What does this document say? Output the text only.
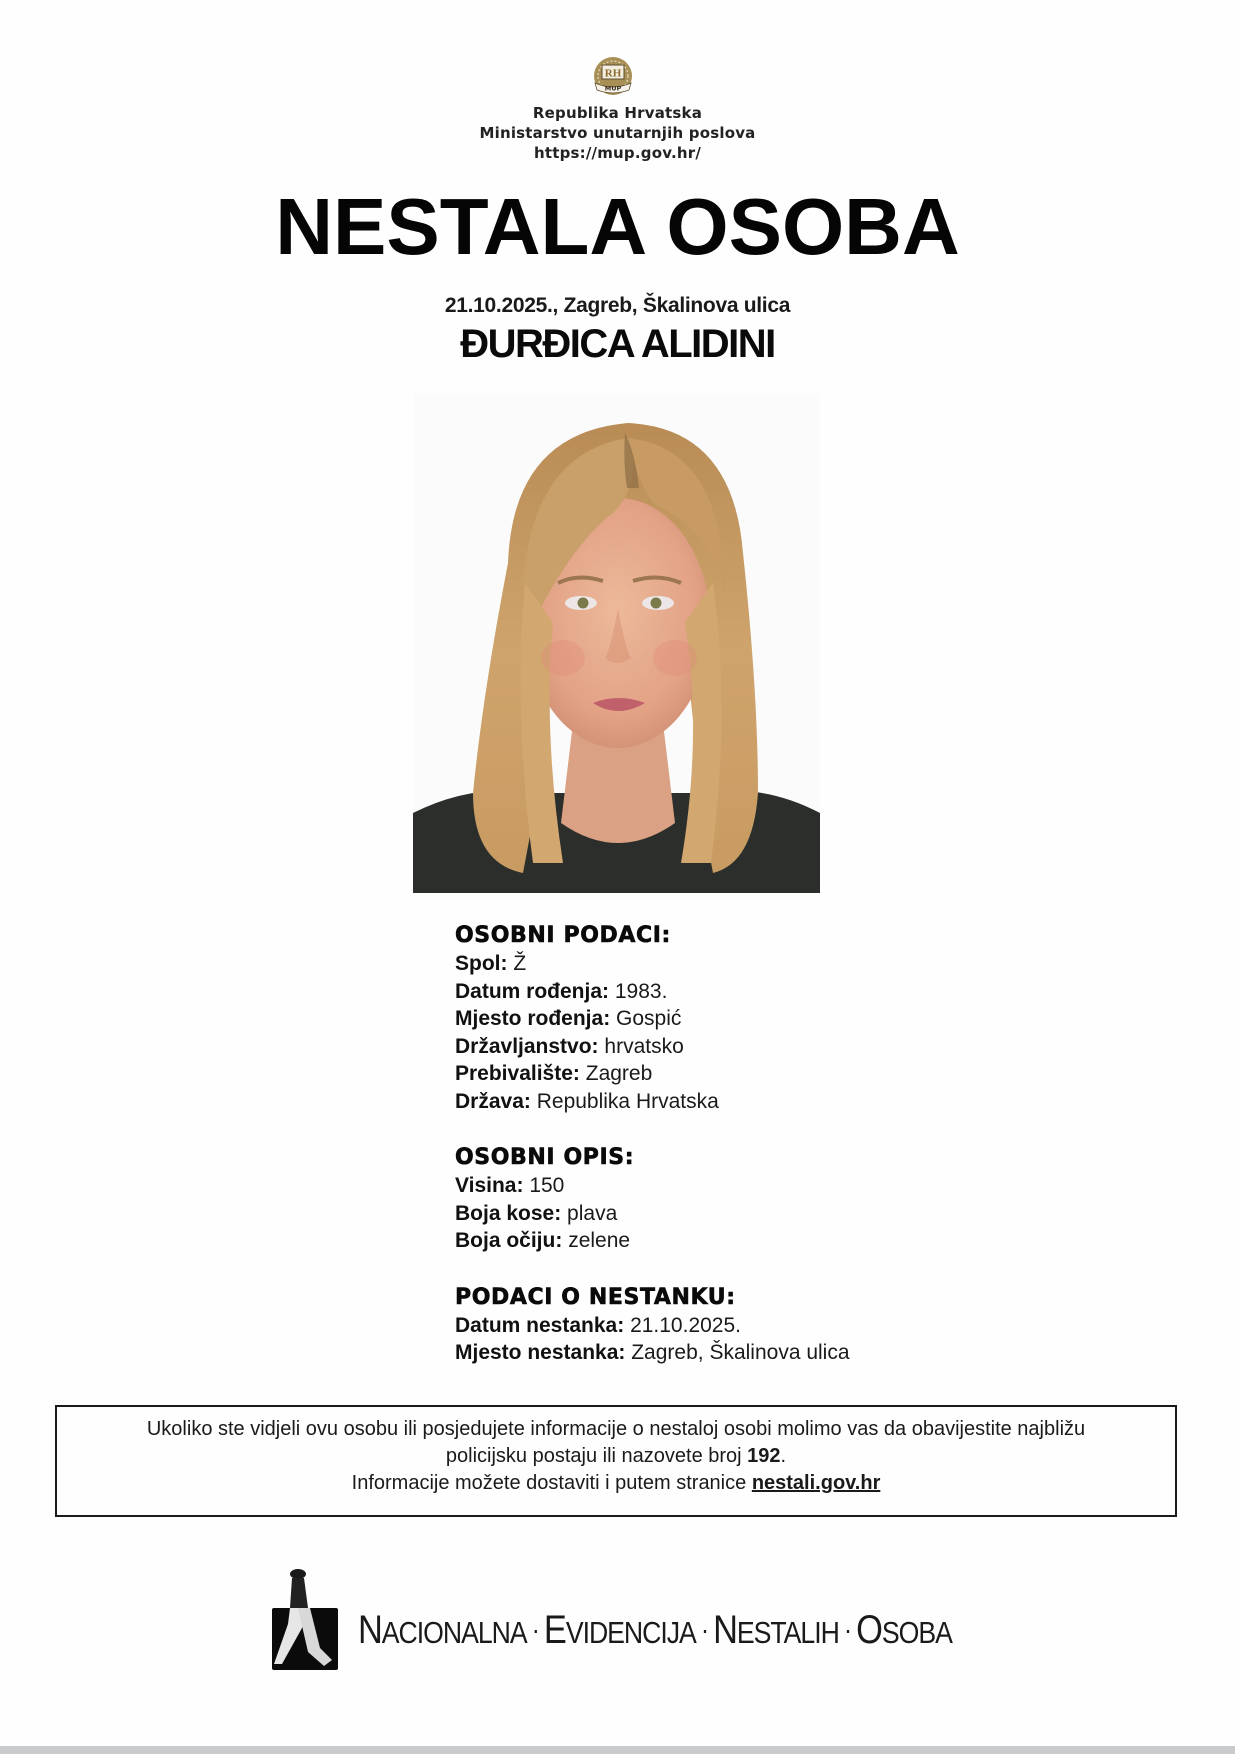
RH
MUP
Republika Hrvatska
Ministarstvo unutarnjih poslova
https://mup.gov.hr/
NESTALA OSOBA
21.10.2025., Zagreb, Škalinova ulica
ĐURĐICA ALIDINI
OSOBNI PODACI:
Spol: Ž
Datum rođenja: 1983.
Mjesto rođenja: Gospić
Državljanstvo: hrvatsko
Prebivalište: Zagreb
Država: Republika Hrvatska
OSOBNI OPIS:
Visina: 150
Boja kose: plava
Boja očiju: zelene
PODACI O NESTANKU:
Datum nestanka: 21.10.2025.
Mjesto nestanka: Zagreb, Škalinova ulica
Ukoliko ste vidjeli ovu osobu ili posjedujete informacije o nestaloj osobi molimo vas da obavijestite najbližu
policijsku postaju ili nazovete broj 192.
Informacije možete dostaviti i putem stranice nestali.gov.hr
NACIONALNA · EVIDENCIJA · NESTALIH · OSOBA
